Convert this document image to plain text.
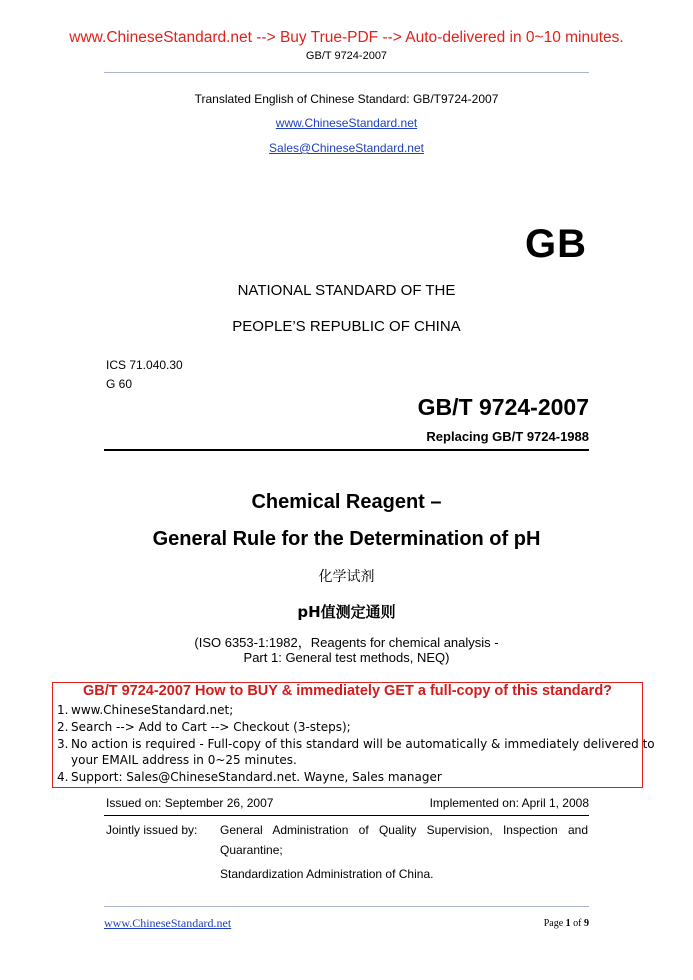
www.ChineseStandard.net --> Buy True-PDF --> Auto-delivered in 0~10 minutes.
GB/T 9724-2007
Translated English of Chinese Standard: GB/T9724-2007
www.ChineseStandard.net
Sales@ChineseStandard.net
GB
NATIONAL STANDARD OF THE
PEOPLE’S REPUBLIC OF CHINA
ICS 71.040.30
G 60
GB/T 9724-2007
Replacing GB/T 9724-1988
Chemical Reagent –
General Rule for the Determination of pH
化学试剂
pH值测定通则
(ISO 6353-1:1982，Reagents for chemical analysis -
Part 1: General test methods, NEQ)
GB/T 9724-2007 How to BUY & immediately GET a full-copy of this standard?
1. www.ChineseStandard.net;
2. Search --> Add to Cart --> Checkout (3-steps);
3. No action is required - Full-copy of this standard will be automatically & immediately delivered to
your EMAIL address in 0~25 minutes.
4. Support: Sales@ChineseStandard.net. Wayne, Sales manager
Issued on: September 26, 2007	Implemented on: April 1, 2008
Jointly issued by: General Administration of Quality Supervision, Inspection and
Quarantine;
Standardization Administration of China.
www.ChineseStandard.net	Page 1 of 9
